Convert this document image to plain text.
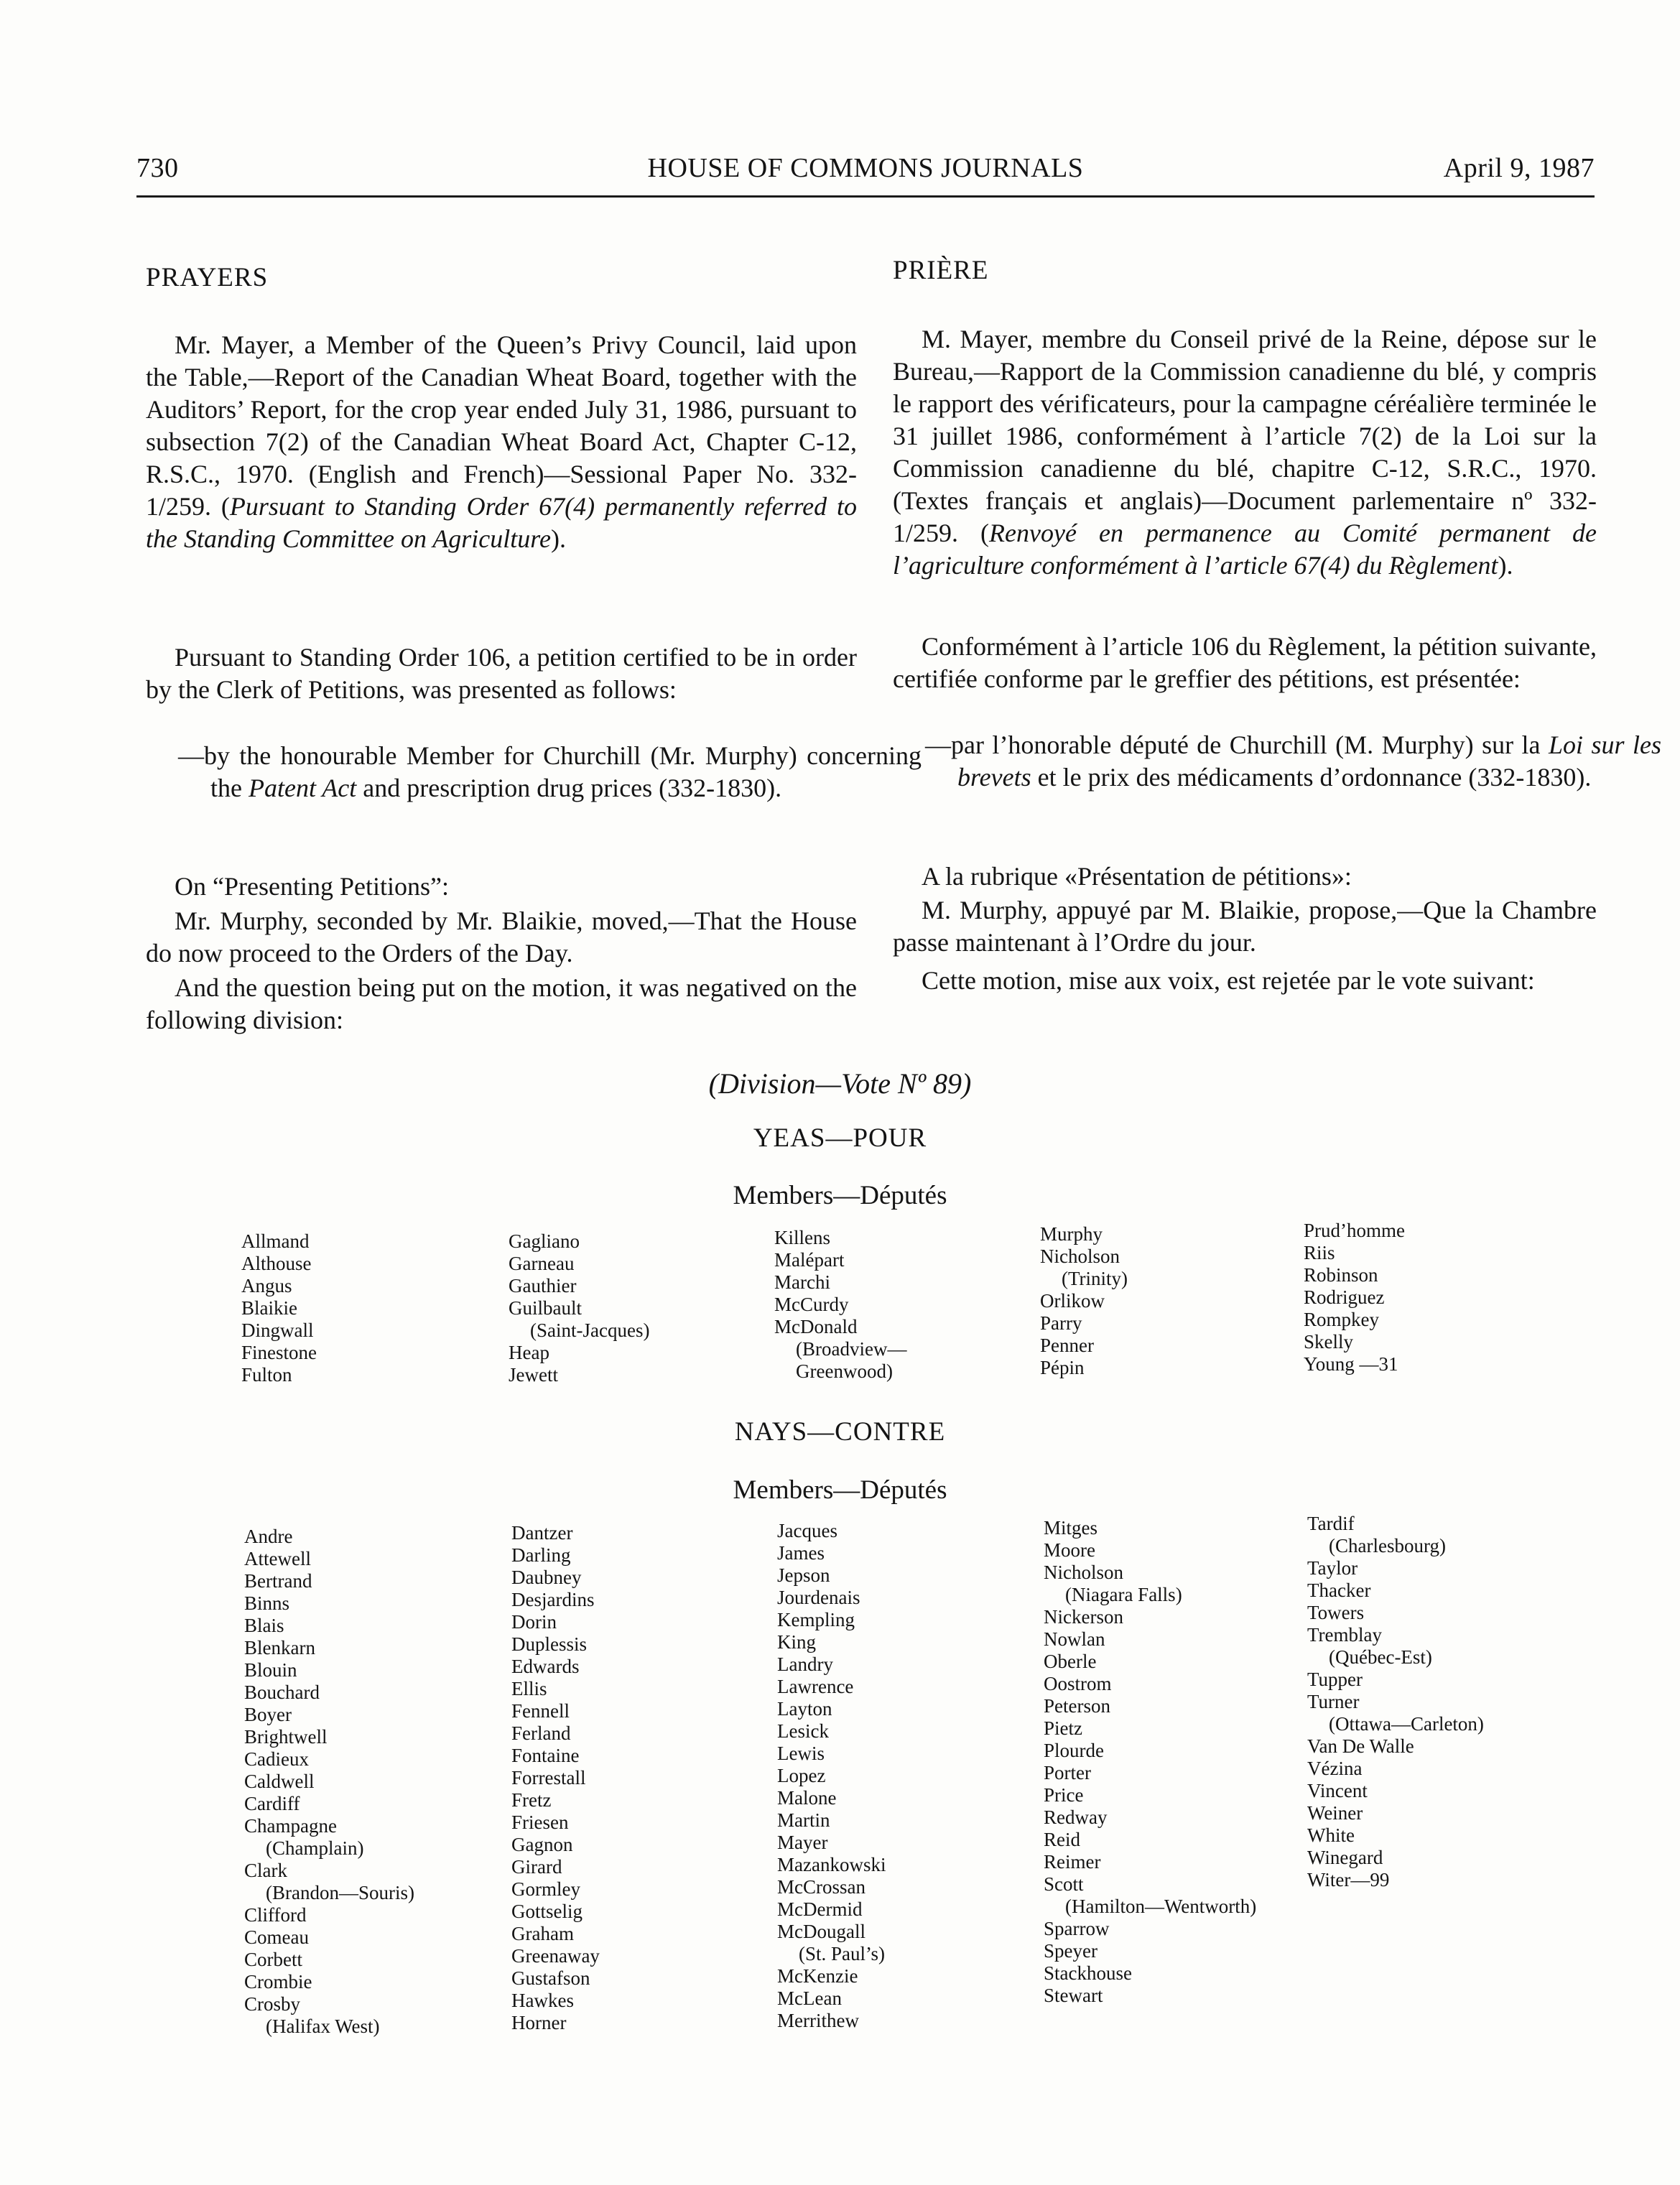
730	HOUSE OF COMMONS JOURNALS	April 9, 1987
PRAYERS

Mr. Mayer, a Member of the Queen’s Privy Council, laid upon the Table,—Report of the Canadian Wheat Board, together with the Auditors’ Report, for the crop year ended July 31, 1986, pursuant to subsection 7(2) of the Canadian Wheat Board Act, Chapter C-12, R.S.C., 1970. (English and French)—Sessional Paper No. 332-1/259. (Pursuant to Standing Order 67(4) permanently referred to the Standing Committee on Agriculture).

Pursuant to Standing Order 106, a petition certified to be in order by the Clerk of Petitions, was presented as follows:

—by the honourable Member for Churchill (Mr. Murphy) concerning the Patent Act and prescription drug prices (332-1830).

On “Presenting Petitions”:

Mr. Murphy, seconded by Mr. Blaikie, moved,—That the House do now proceed to the Orders of the Day.

And the question being put on the motion, it was negatived on the following division:

PRIÈRE

M. Mayer, membre du Conseil privé de la Reine, dépose sur le Bureau,—Rapport de la Commission canadienne du blé, y compris le rapport des vérificateurs, pour la campagne céréalière terminée le 31 juillet 1986, conformément à l’article 7(2) de la Loi sur la Commission canadienne du blé, chapitre C-12, S.R.C., 1970. (Textes français et anglais)—Document parlementaire nº 332-1/259. (Renvoyé en permanence au Comité permanent de l’agriculture conformément à l’article 67(4) du Règlement).

Conformément à l’article 106 du Règlement, la pétition suivante, certifiée conforme par le greffier des pétitions, est présentée:

—par l’honorable député de Churchill (M. Murphy) sur la Loi sur les brevets et le prix des médicaments d’ordonnance (332-1830).

A la rubrique «Présentation de pétitions»:

M. Murphy, appuyé par M. Blaikie, propose,—Que la Chambre passe maintenant à l’Ordre du jour.

Cette motion, mise aux voix, est rejetée par le vote suivant:

(Division—Vote Nº 89)
YEAS—POUR
Members—Députés
Allmand
Althouse
Angus
Blaikie
Dingwall
Finestone
Fulton
Gagliano
Garneau
Gauthier
Guilbault
(Saint-Jacques)
Heap
Jewett
Killens
Malépart
Marchi
McCurdy
McDonald
(Broadview—
Greenwood)
Murphy
Nicholson
(Trinity)
Orlikow
Parry
Penner
Pépin
Prud’homme
Riis
Robinson
Rodriguez
Rompkey
Skelly
Young —31
NAYS—CONTRE
Members—Députés
Andre
Attewell
Bertrand
Binns
Blais
Blenkarn
Blouin
Bouchard
Boyer
Brightwell
Cadieux
Caldwell
Cardiff
Champagne
(Champlain)
Clark
(Brandon—Souris)
Clifford
Comeau
Corbett
Crombie
Crosby
(Halifax West)
Dantzer
Darling
Daubney
Desjardins
Dorin
Duplessis
Edwards
Ellis
Fennell
Ferland
Fontaine
Forrestall
Fretz
Friesen
Gagnon
Girard
Gormley
Gottselig
Graham
Greenaway
Gustafson
Hawkes
Horner
Jacques
James
Jepson
Jourdenais
Kempling
King
Landry
Lawrence
Layton
Lesick
Lewis
Lopez
Malone
Martin
Mayer
Mazankowski
McCrossan
McDermid
McDougall
(St. Paul’s)
McKenzie
McLean
Merrithew
Mitges
Moore
Nicholson
(Niagara Falls)
Nickerson
Nowlan
Oberle
Oostrom
Peterson
Pietz
Plourde
Porter
Price
Redway
Reid
Reimer
Scott
(Hamilton—Wentworth)
Sparrow
Speyer
Stackhouse
Stewart
Tardif
(Charlesbourg)
Taylor
Thacker
Towers
Tremblay
(Québec-Est)
Tupper
Turner
(Ottawa—Carleton)
Van De Walle
Vézina
Vincent
Weiner
White
Winegard
Witer—99
